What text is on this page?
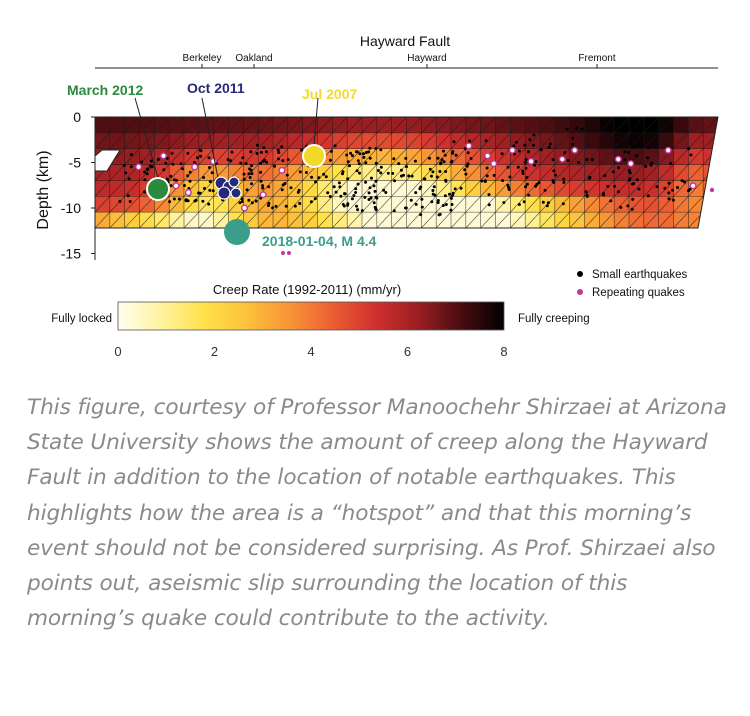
Hayward Fault
Berkeley Oakland	Hayward	Fremont
0
-5
-10
-15
Depth (km)
March 2012	Oct 2011	Jul 2007
2018-01-04, M 4.4
Small earthquakes
Repeating quakes
Creep Rate (1992-2011) (mm/yr)
Fully locked	Fully creeping
0	2	4	6	8

This figure, courtesy of Professor Manoochehr Shirzaei at Arizona State University shows the amount of creep along the Hayward Fault in addition to the location of notable earthquakes. This highlights how the area is a “hotspot” and that this morning’s event should not be considered surprising. As Prof. Shirzaei also points out, aseismic slip surrounding the location of this morning’s quake could contribute to the activity.
